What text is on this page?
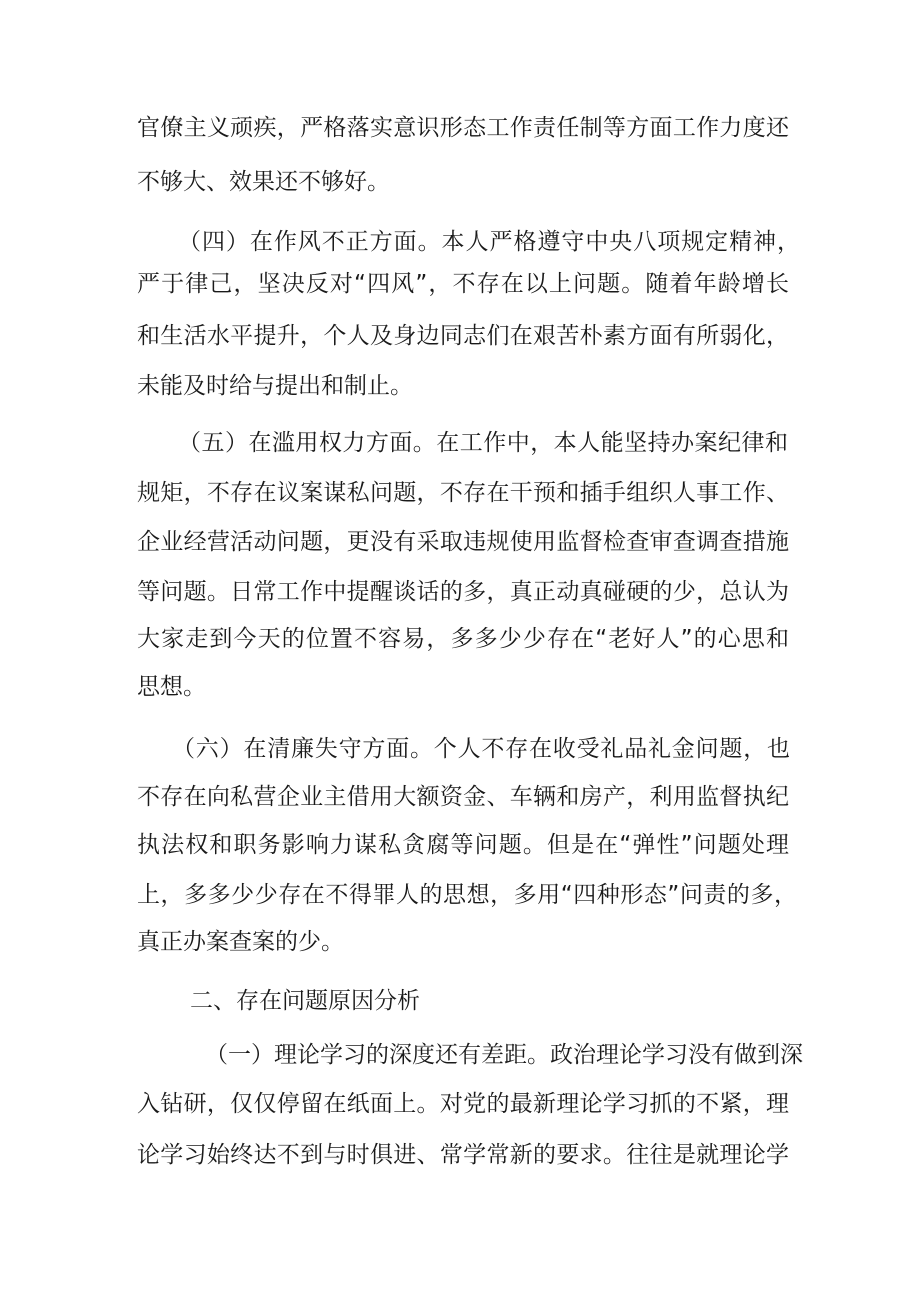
官僚主义顽疾，严格落实意识形态工作责任制等方面工作力度还
不够大、效果还不够好。
（四）在作风不正方面。本人严格遵守中央八项规定精神，
严于律己，坚决反对“四风”，不存在以上问题。随着年龄增长
和生活水平提升，个人及身边同志们在艰苦朴素方面有所弱化，
未能及时给与提出和制止。
（五）在滥用权力方面。在工作中，本人能坚持办案纪律和
规矩，不存在议案谋私问题，不存在干预和插手组织人事工作、
企业经营活动问题，更没有采取违规使用监督检查审查调查措施
等问题。日常工作中提醒谈话的多，真正动真碰硬的少，总认为
大家走到今天的位置不容易，多多少少存在“老好人”的心思和
思想。
（六）在清廉失守方面。个人不存在收受礼品礼金问题，也
不存在向私营企业主借用大额资金、车辆和房产，利用监督执纪
执法权和职务影响力谋私贪腐等问题。但是在“弹性”问题处理
上，多多少少存在不得罪人的思想，多用“四种形态”问责的多，
真正办案查案的少。
二、存在问题原因分析
（一）理论学习的深度还有差距。政治理论学习没有做到深
入钻研，仅仅停留在纸面上。对党的最新理论学习抓的不紧，理
论学习始终达不到与时俱进、常学常新的要求。往往是就理论学
